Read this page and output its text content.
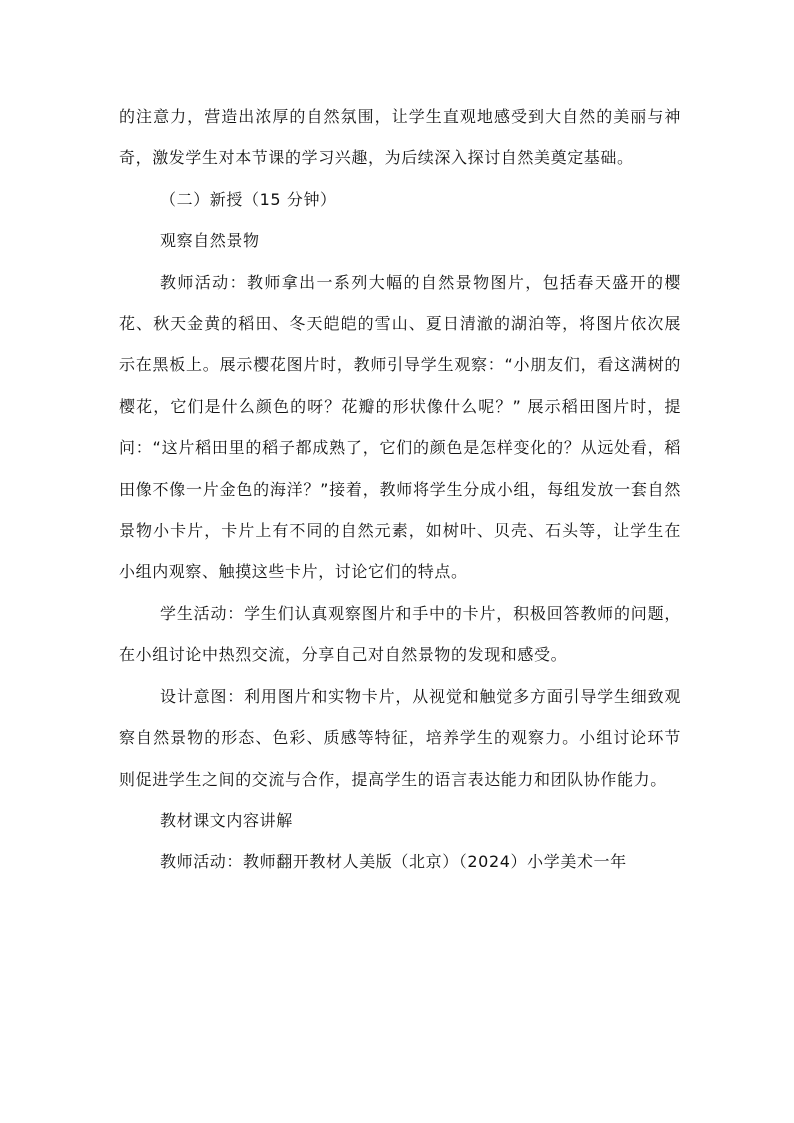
的注意力，营造出浓厚的自然氛围，让学生直观地感受到大自然的美丽与神奇，激发学生对本节课的学习兴趣，为后续深入探讨自然美奠定基础。

（二）新授（15 分钟）

观察自然景物

教师活动：教师拿出一系列大幅的自然景物图片，包括春天盛开的樱花、秋天金黄的稻田、冬天皑皑的雪山、夏日清澈的湖泊等，将图片依次展示在黑板上。展示樱花图片时，教师引导学生观察：“小朋友们，看这满树的樱花，它们是什么颜色的呀？花瓣的形状像什么呢？” 展示稻田图片时，提问：“这片稻田里的稻子都成熟了，它们的颜色是怎样变化的？从远处看，稻田像不像一片金色的海洋？”接着，教师将学生分成小组，每组发放一套自然景物小卡片，卡片上有不同的自然元素，如树叶、贝壳、石头等，让学生在小组内观察、触摸这些卡片，讨论它们的特点。

学生活动：学生们认真观察图片和手中的卡片，积极回答教师的问题，在小组讨论中热烈交流，分享自己对自然景物的发现和感受。

设计意图：利用图片和实物卡片，从视觉和触觉多方面引导学生细致观察自然景物的形态、色彩、质感等特征，培养学生的观察力。小组讨论环节则促进学生之间的交流与合作，提高学生的语言表达能力和团队协作能力。

教材课文内容讲解

教师活动：教师翻开教材人美版（北京）（2024）小学美术一年
